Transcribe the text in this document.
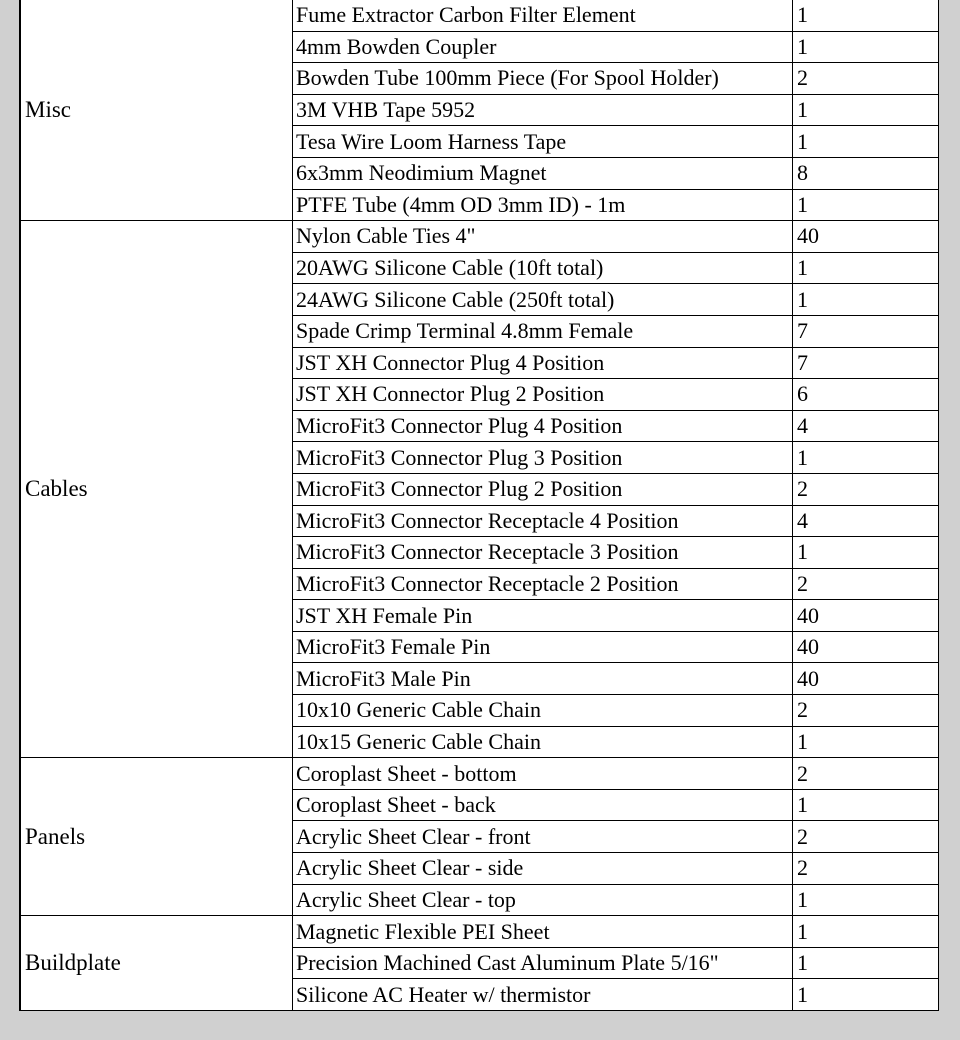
Misc	Fume Extractor Carbon Filter Element	1
	4mm Bowden Coupler	1
	Bowden Tube 100mm Piece (For Spool Holder)	2
	3M VHB Tape 5952	1
	Tesa Wire Loom Harness Tape	1
	6x3mm Neodimium Magnet	8
	PTFE Tube (4mm OD 3mm ID) - 1m	1
Cables	Nylon Cable Ties 4"	40
	20AWG Silicone Cable (10ft total)	1
	24AWG Silicone Cable (250ft total)	1
	Spade Crimp Terminal 4.8mm Female	7
	JST XH Connector Plug 4 Position	7
	JST XH Connector Plug 2 Position	6
	MicroFit3 Connector Plug 4 Position	4
	MicroFit3 Connector Plug 3 Position	1
	MicroFit3 Connector Plug 2 Position	2
	MicroFit3 Connector Receptacle 4 Position	4
	MicroFit3 Connector Receptacle 3 Position	1
	MicroFit3 Connector Receptacle 2 Position	2
	JST XH Female Pin	40
	MicroFit3 Female Pin	40
	MicroFit3 Male Pin	40
	10x10 Generic Cable Chain	2
	10x15 Generic Cable Chain	1
Panels	Coroplast Sheet - bottom	2
	Coroplast Sheet - back	1
	Acrylic Sheet Clear - front	2
	Acrylic Sheet Clear - side	2
	Acrylic Sheet Clear - top	1
Buildplate	Magnetic Flexible PEI Sheet	1
	Precision Machined Cast Aluminum Plate 5/16"	1
	Silicone AC Heater w/ thermistor	1
